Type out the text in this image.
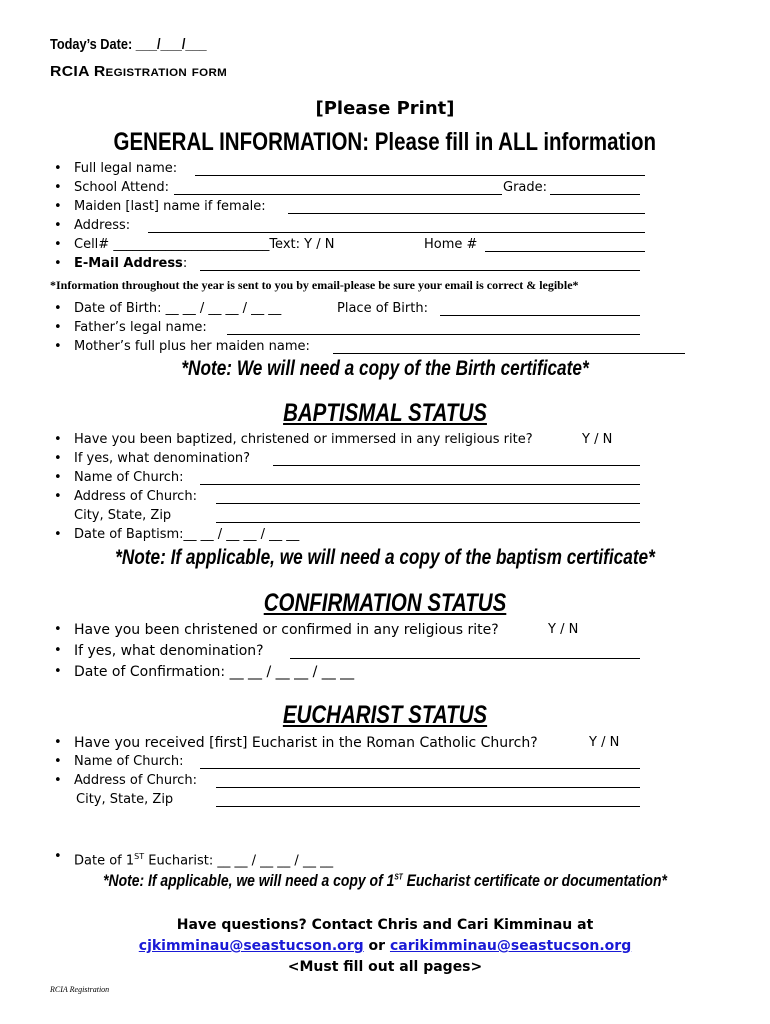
Today’s Date: ___/___/___
RCIA Registration form
[Please Print]
GENERAL INFORMATION: Please fill in ALL information
• Full legal name:
• School Attend:	Grade:
• Maiden [last] name if female:
• Address:
• Cell# ________________________Text: Y / N	Home #
• E-Mail Address:
*Information throughout the year is sent to you by email-please be sure your email is correct & legible*
• Date of Birth: __ __ / __ __ / __ __	Place of Birth:
• Father’s legal name:
• Mother’s full plus her maiden name:
*Note: We will need a copy of the Birth certificate*
BAPTISMAL STATUS
• Have you been baptized, christened or immersed in any religious rite?	Y / N
• If yes, what denomination?
• Name of Church:
• Address of Church:
City, State, Zip
• Date of Baptism:__ __ / __ __ / __ __
*Note: If applicable, we will need a copy of the baptism certificate*
CONFIRMATION STATUS
• Have you been christened or confirmed in any religious rite?	Y / N
• If yes, what denomination?
• Date of Confirmation: __ __ / __ __ / __ __
EUCHARIST STATUS
• Have you received [first] Eucharist in the Roman Catholic Church?	Y / N
• Name of Church:
• Address of Church:
City, State, Zip
• Date of 1ST Eucharist: __ __ / __ __ / __ __
*Note: If applicable, we will need a copy of 1ST Eucharist certificate or documentation*
Have questions? Contact Chris and Cari Kimminau at
cjkimminau@seastucson.org or carikimminau@seastucson.org
<Must fill out all pages>
RCIA Registration
